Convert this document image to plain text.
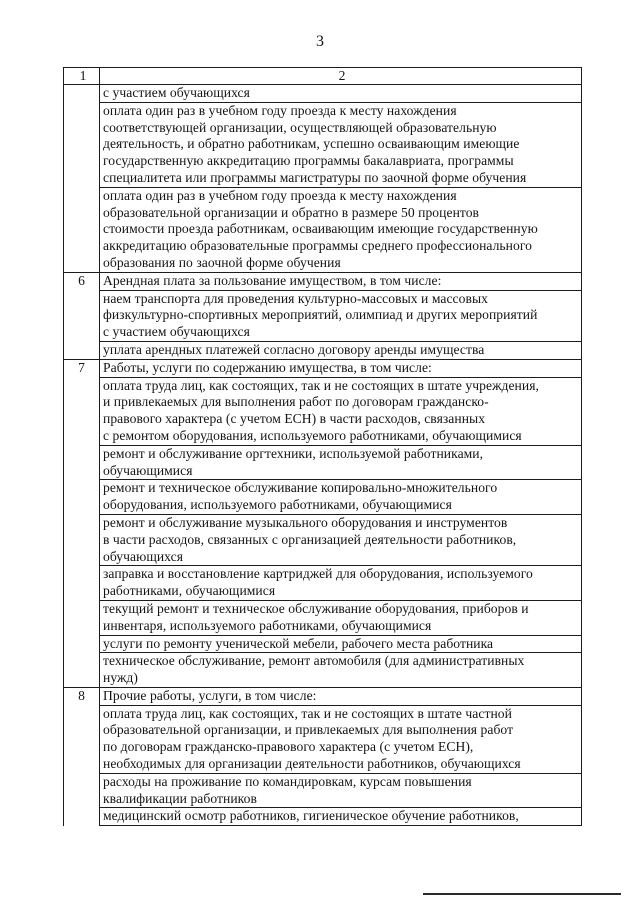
3
1	2

	с участием обучающихся

	оплата один раз в учебном году проезда к месту нахождения
соответствующей организации, осуществляющей образовательную
деятельность, и обратно работникам, успешно осваивающим имеющие
государственную аккредитацию программы бакалавриата, программы
специалитета или программы магистратуры по заочной форме обучения

	оплата один раз в учебном году проезда к месту нахождения
образовательной организации и обратно в размере 50 процентов
стоимости проезда работникам, осваивающим имеющие государственную
аккредитацию образовательные программы среднего профессионального
образования по заочной форме обучения

6	Арендная плата за пользование имуществом, в том числе:

	наем транспорта для проведения культурно-массовых и массовых
физкультурно-спортивных мероприятий, олимпиад и других мероприятий
с участием обучающихся

	уплата арендных платежей согласно договору аренды имущества

7	Работы, услуги по содержанию имущества, в том числе:

	оплата труда лиц, как состоящих, так и не состоящих в штате учреждения,
и привлекаемых для выполнения работ по договорам гражданско-
правового характера (с учетом ЕСН) в части расходов, связанных
с ремонтом оборудования, используемого работниками, обучающимися

	ремонт и обслуживание оргтехники, используемой работниками,
обучающимися

	ремонт и техническое обслуживание копировально-множительного
оборудования, используемого работниками, обучающимися

	ремонт и обслуживание музыкального оборудования и инструментов
в части расходов, связанных с организацией деятельности работников,
обучающихся

	заправка и восстановление картриджей для оборудования, используемого
работниками, обучающимися

	текущий ремонт и техническое обслуживание оборудования, приборов и
инвентаря, используемого работниками, обучающимися

	услуги по ремонту ученической мебели, рабочего места работника

	техническое обслуживание, ремонт автомобиля (для административных
нужд)

8	Прочие работы, услуги, в том числе:

	оплата труда лиц, как состоящих, так и не состоящих в штате частной
образовательной организации, и привлекаемых для выполнения работ
по договорам гражданско-правового характера (с учетом ЕСН),
необходимых для организации деятельности работников, обучающихся

	расходы на проживание по командировкам, курсам повышения
квалификации работников

	медицинский осмотр работников, гигиеническое обучение работников,
